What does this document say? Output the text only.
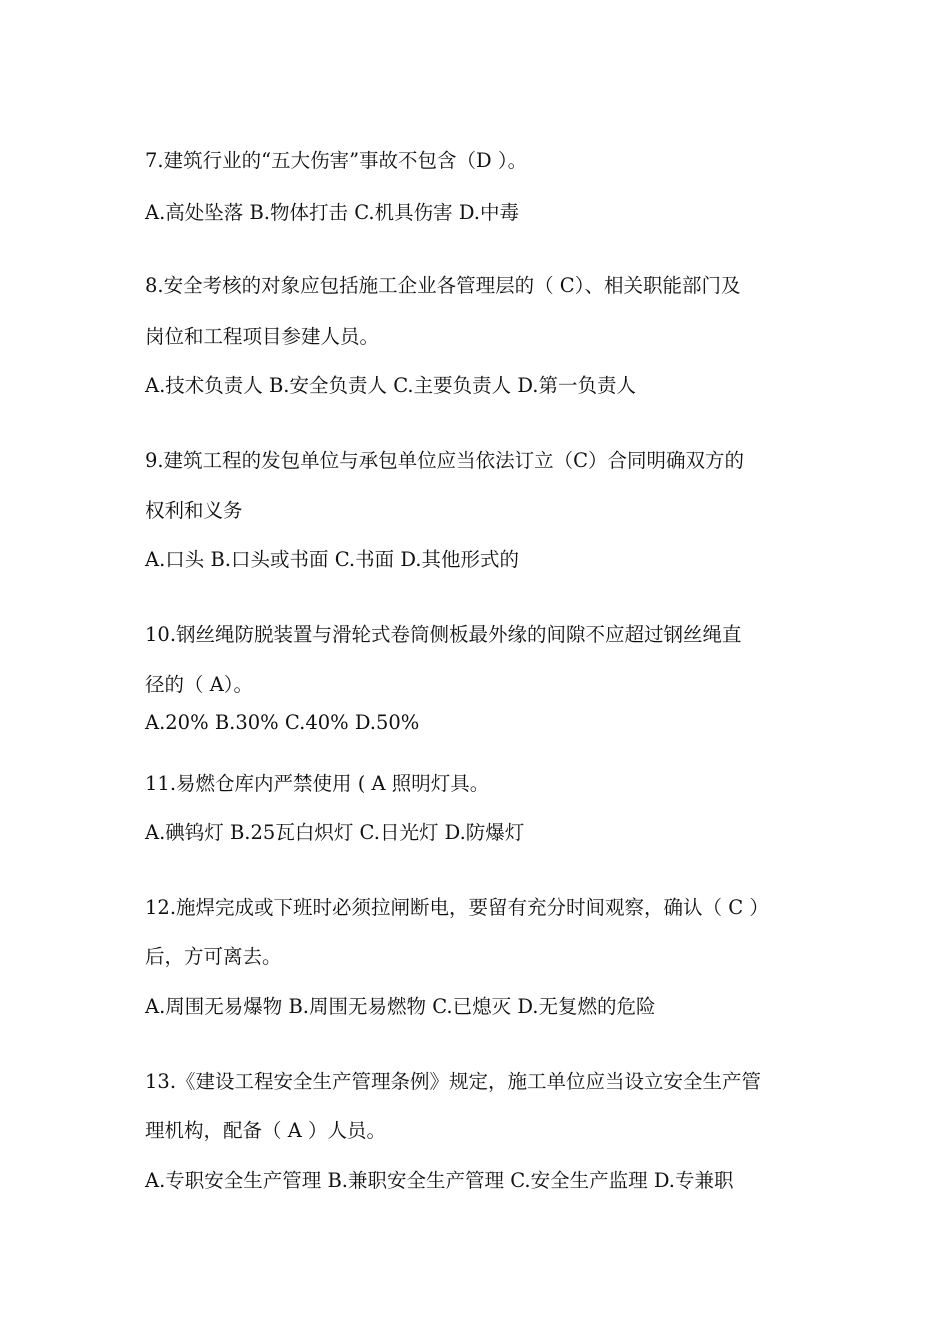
7.建筑行业的“五大伤害”事故不包含（D ）。
A.高处坠落 B.物体打击 C.机具伤害 D.中毒
8.安全考核的对象应包括施工企业各管理层的（ C）、相关职能部门及
岗位和工程项目参建人员。
A.技术负责人 B.安全负责人 C.主要负责人 D.第一负责人
9.建筑工程的发包单位与承包单位应当依法订立（C）合同明确双方的
权利和义务
A.口头 B.口头或书面 C.书面 D.其他形式的
10.钢丝绳防脱装置与滑轮式卷筒侧板最外缘的间隙不应超过钢丝绳直
径的（ A）。
A.20% B.30% C.40% D.50%
11.易燃仓库内严禁使用 ( A 照明灯具。
A.碘钨灯 B.25瓦白炽灯 C.日光灯 D.防爆灯
12.施焊完成或下班时必须拉闸断电，要留有充分时间观察，确认（ C ）
后，方可离去。
A.周围无易爆物 B.周围无易燃物 C.已熄灭 D.无复燃的危险
13.《建设工程安全生产管理条例》规定，施工单位应当设立安全生产管
理机构，配备（ A ）人员。
A.专职安全生产管理 B.兼职安全生产管理 C.安全生产监理 D.专兼职
